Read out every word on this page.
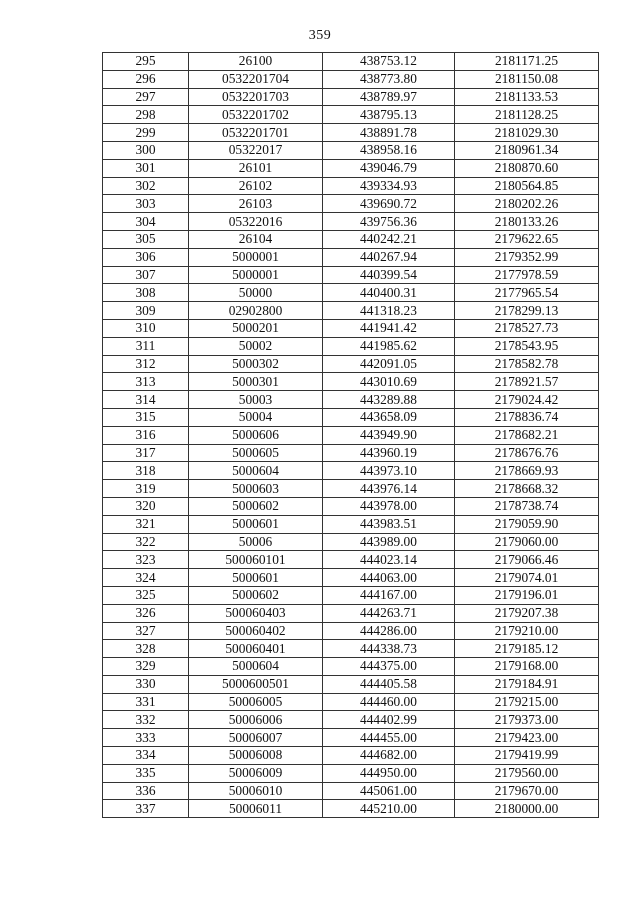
359
295	26100	438753.12	2181171.25
296	0532201704	438773.80	2181150.08
297	0532201703	438789.97	2181133.53
298	0532201702	438795.13	2181128.25
299	0532201701	438891.78	2181029.30
300	05322017	438958.16	2180961.34
301	26101	439046.79	2180870.60
302	26102	439334.93	2180564.85
303	26103	439690.72	2180202.26
304	05322016	439756.36	2180133.26
305	26104	440242.21	2179622.65
306	5000001	440267.94	2179352.99
307	5000001	440399.54	2177978.59
308	50000	440400.31	2177965.54
309	02902800	441318.23	2178299.13
310	5000201	441941.42	2178527.73
311	50002	441985.62	2178543.95
312	5000302	442091.05	2178582.78
313	5000301	443010.69	2178921.57
314	50003	443289.88	2179024.42
315	50004	443658.09	2178836.74
316	5000606	443949.90	2178682.21
317	5000605	443960.19	2178676.76
318	5000604	443973.10	2178669.93
319	5000603	443976.14	2178668.32
320	5000602	443978.00	2178738.74
321	5000601	443983.51	2179059.90
322	50006	443989.00	2179060.00
323	500060101	444023.14	2179066.46
324	5000601	444063.00	2179074.01
325	5000602	444167.00	2179196.01
326	500060403	444263.71	2179207.38
327	500060402	444286.00	2179210.00
328	500060401	444338.73	2179185.12
329	5000604	444375.00	2179168.00
330	5000600501	444405.58	2179184.91
331	50006005	444460.00	2179215.00
332	50006006	444402.99	2179373.00
333	50006007	444455.00	2179423.00
334	50006008	444682.00	2179419.99
335	50006009	444950.00	2179560.00
336	50006010	445061.00	2179670.00
337	50006011	445210.00	2180000.00
